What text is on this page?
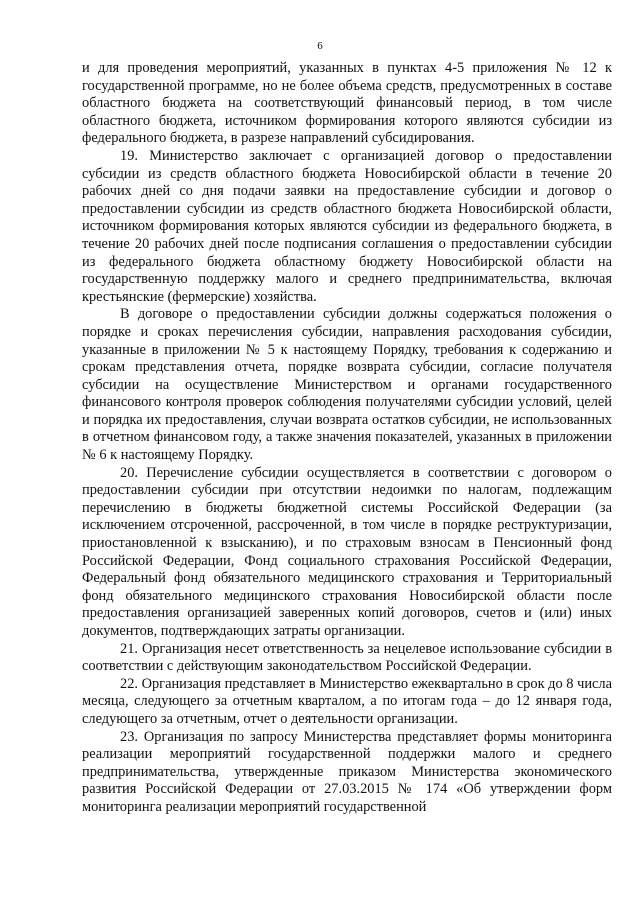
6

и для проведения мероприятий, указанных в пунктах 4-5 приложения № 12 к государственной программе, но не более объема средств, предусмотренных в составе областного бюджета на соответствующий финансовый период, в том числе областного бюджета, источником формирования которого являются субсидии из федерального бюджета, в разрезе направлений субсидирования.

19. Министерство заключает с организацией договор о предоставлении субсидии из средств областного бюджета Новосибирской области в течение 20 рабочих дней со дня подачи заявки на предоставление субсидии и договор о предоставлении субсидии из средств областного бюджета Новосибирской области, источником формирования которых являются субсидии из федерального бюджета, в течение 20 рабочих дней после подписания соглашения о предоставлении субсидии из федерального бюджета областному бюджету Новосибирской области на государственную поддержку малого и среднего предпринимательства, включая крестьянские (фермерские) хозяйства.

В договоре о предоставлении субсидии должны содержаться положения о порядке и сроках перечисления субсидии, направления расходования субсидии, указанные в приложении № 5 к настоящему Порядку, требования к содержанию и срокам представления отчета, порядке возврата субсидии, согласие получателя субсидии на осуществление Министерством и органами государственного финансового контроля проверок соблюдения получателями субсидии условий, целей и порядка их предоставления, случаи возврата остатков субсидии, не использованных в отчетном финансовом году, а также значения показателей, указанных в приложении № 6 к настоящему Порядку.

20. Перечисление субсидии осуществляется в соответствии с договором о предоставлении субсидии при отсутствии недоимки по налогам, подлежащим перечислению в бюджеты бюджетной системы Российской Федерации (за исключением отсроченной, рассроченной, в том числе в порядке реструктуризации, приостановленной к взысканию), и по страховым взносам в Пенсионный фонд Российской Федерации, Фонд социального страхования Российской Федерации, Федеральный фонд обязательного медицинского страхования и Территориальный фонд обязательного медицинского страхования Новосибирской области после предоставления организацией заверенных копий договоров, счетов и (или) иных документов, подтверждающих затраты организации.

21. Организация несет ответственность за нецелевое использование субсидии в соответствии с действующим законодательством Российской Федерации.

22. Организация представляет в Министерство ежеквартально в срок до 8 числа месяца, следующего за отчетным кварталом, а по итогам года – до 12 января года, следующего за отчетным, отчет о деятельности организации.

23. Организация по запросу Министерства представляет формы мониторинга реализации мероприятий государственной поддержки малого и среднего предпринимательства, утвержденные приказом Министерства экономического развития Российской Федерации от 27.03.2015 № 174 «Об утверждении форм мониторинга реализации мероприятий государственной
